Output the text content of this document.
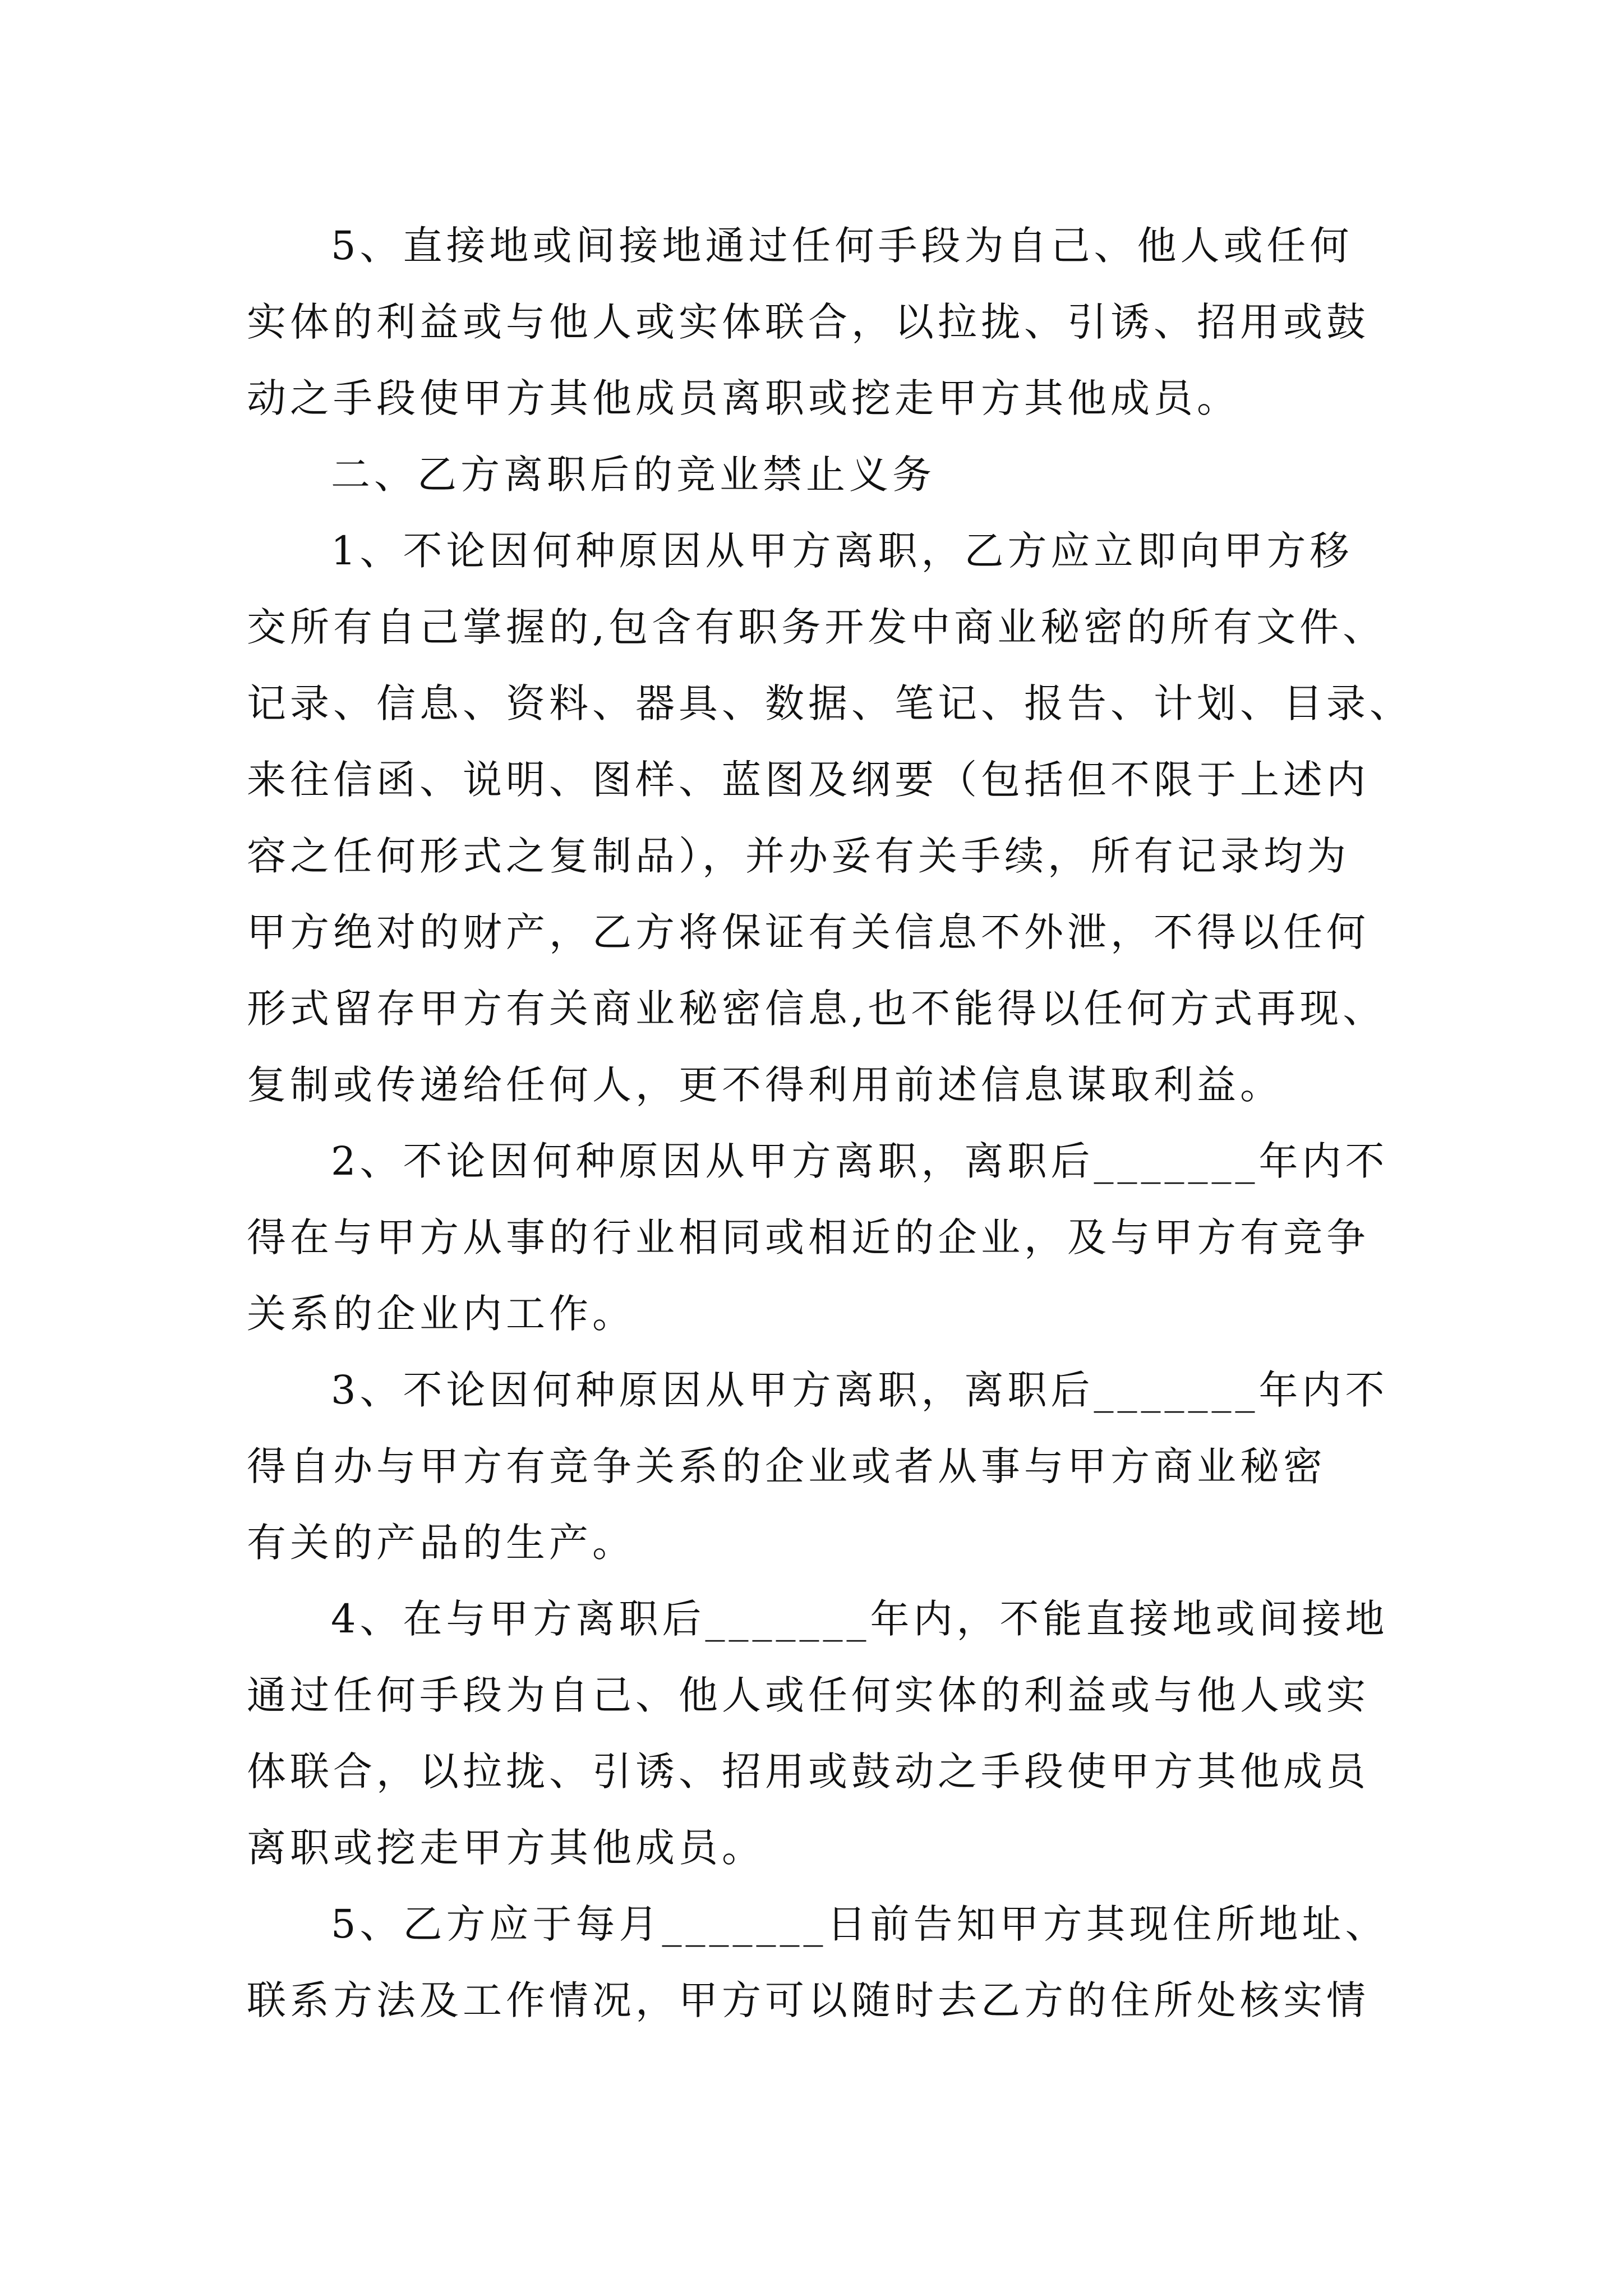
5、直接地或间接地通过任何手段为自己、他人或任何
实体的利益或与他人或实体联合，以拉拢、引诱、招用或鼓
动之手段使甲方其他成员离职或挖走甲方其他成员。
二、乙方离职后的竞业禁止义务
1、不论因何种原因从甲方离职，乙方应立即向甲方移
交所有自己掌握的,包含有职务开发中商业秘密的所有文件、
记录、信息、资料、器具、数据、笔记、报告、计划、目录、
来往信函、说明、图样、蓝图及纲要（包括但不限于上述内
容之任何形式之复制品），并办妥有关手续，所有记录均为
甲方绝对的财产，乙方将保证有关信息不外泄，不得以任何
形式留存甲方有关商业秘密信息,也不能得以任何方式再现、
复制或传递给任何人，更不得利用前述信息谋取利益。
2、不论因何种原因从甲方离职，离职后_______年内不
得在与甲方从事的行业相同或相近的企业，及与甲方有竞争
关系的企业内工作。
3、不论因何种原因从甲方离职，离职后_______年内不
得自办与甲方有竞争关系的企业或者从事与甲方商业秘密
有关的产品的生产。
4、在与甲方离职后_______年内，不能直接地或间接地
通过任何手段为自己、他人或任何实体的利益或与他人或实
体联合，以拉拢、引诱、招用或鼓动之手段使甲方其他成员
离职或挖走甲方其他成员。
5、乙方应于每月_______日前告知甲方其现住所地址、
联系方法及工作情况，甲方可以随时去乙方的住所处核实情
